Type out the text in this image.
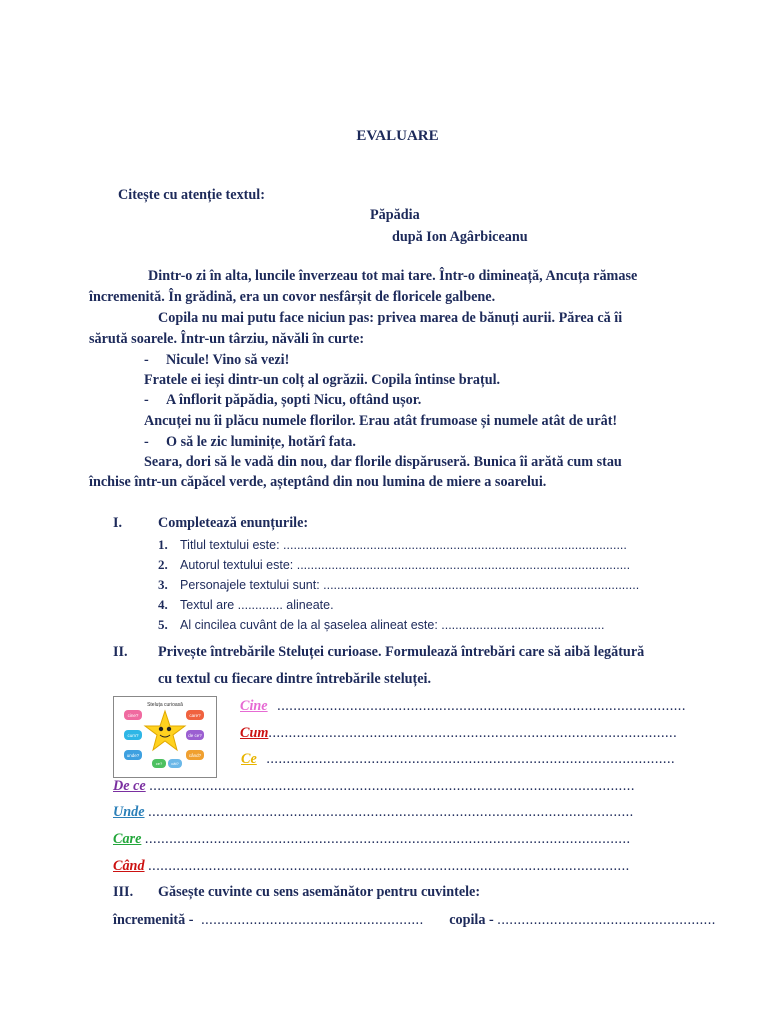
EVALUARE
Citește cu atenție textul:
Păpădia
după Ion Agârbiceanu
Dintr-o zi în alta, luncile înverzeau tot mai tare. Într-o dimineață, Ancuța rămase
încremenită. În grădină, era un covor nesfârșit de floricele galbene.
Copila nu mai putu face niciun pas: privea marea de bănuți aurii. Părea că îi
sărută soarele. Într-un târziu, năvăli în curte:
- Nicule! Vino să vezi!
Fratele ei ieși dintr-un colț al ogrăzii. Copila întinse brațul.
- A înflorit păpădia, șopti Nicu, oftând ușor.
Ancuței nu îi plăcu numele florilor. Erau atât frumoase și numele atât de urât!
- O să le zic luminițe, hotărî fata.
Seara, dori să le vadă din nou, dar florile dispăruseră. Bunica îi arătă cum stau
închise într-un căpăcel verde, așteptând din nou lumina de miere a soarelui.
I.	Completează enunțurile:
1. Titlul textului este: ...................................................................................................
2. Autorul textului este: ................................................................................................
3. Personajele textului sunt: ...........................................................................................
4. Textul are ............. alineate.
5. Al cincilea cuvânt de la al șaselea alineat este: ...............................................
II. Privește întrebările Steluței curioase. Formulează întrebări care să aibă legătură
cu textul cu fiecare dintre întrebările steluței.
Steluța curioasă
cine?	care?
cum?	de ce?
unde?	când?
ce? cât?
Cine .....................................................................................................
Cum.....................................................................................................
Ce .....................................................................................................
De ce ........................................................................................................................
Unde ........................................................................................................................
Care ........................................................................................................................
Când .......................................................................................................................
III. Găsește cuvinte cu sens asemănător pentru cuvintele:
încremenită - ....................................................... copila - ......................................................
